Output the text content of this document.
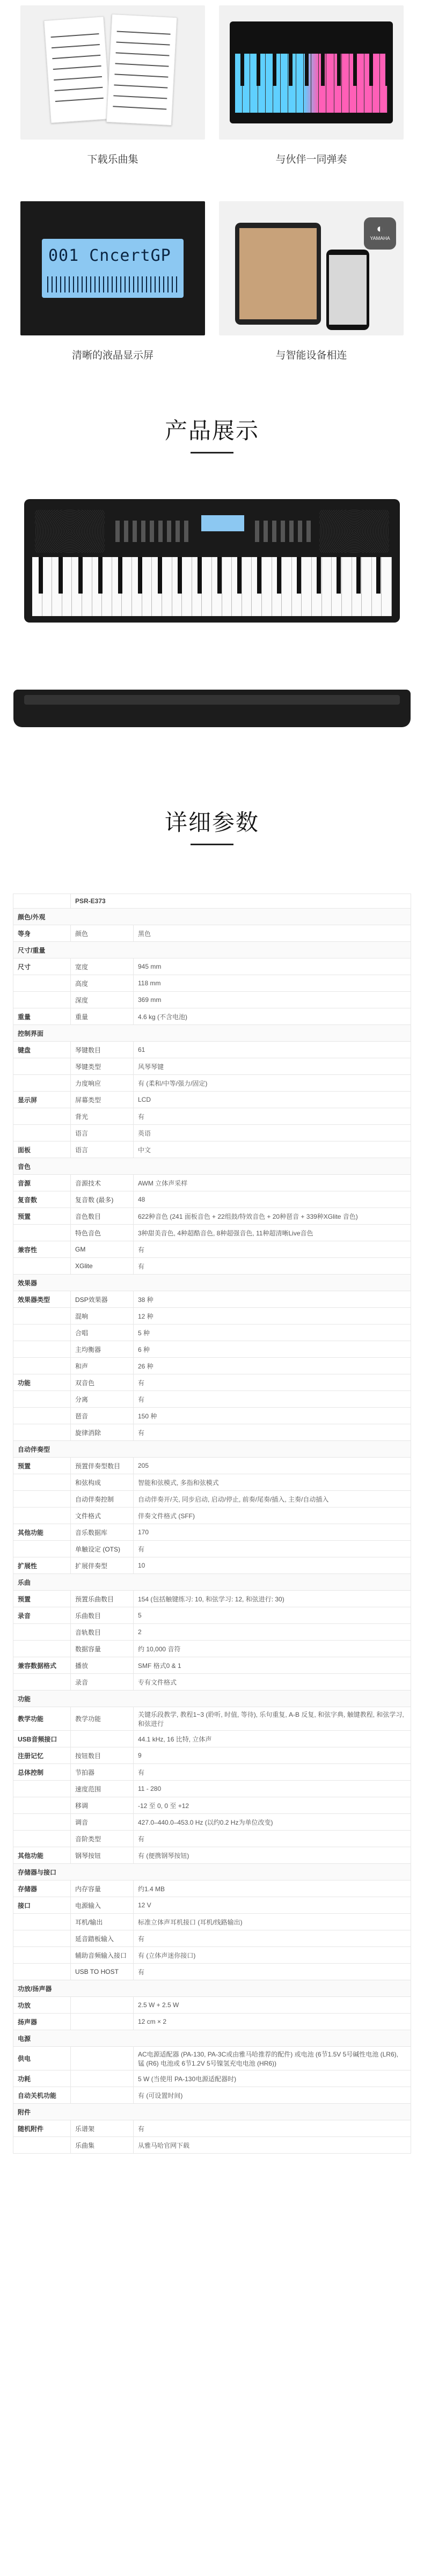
下载乐曲集	与伙伴一同弹奏
001 CncertGP
清晰的液晶显示屏
◐
YAMAHA
与智能设备相连
产品展示
详细参数
	PSR-E373	
颜色/外观		
等身	颜色	黑色
尺寸/重量		
尺寸	宽度	945 mm
	高度	118 mm
	深度	369 mm
重量	重量	4.6 kg (不含电池)
控制界面		
键盘	琴键数目	61
	琴键类型	风琴琴键
	力度响应	有 (柔和/中等/强力/固定)
显示屏	屏幕类型	LCD
	背光	有
	语言	英语
面板	语言	中文
音色		
音源	音源技术	AWM 立体声采样
复音数	复音数 (最多)	48
预置	音色数目	622种音色 (241 面板音色 + 22组鼓/特效音色 + 20种琶音 + 339种XGlite 音色)
	特色音色	3种甜美音色, 4种超酷音色, 8种超强音色, 11种超清晰Live音色
兼容性	GM	有
	XGlite	有
效果器		
效果器类型	DSP效果器	38 种
	混响	12 种
	合唱	5 种
	主均衡器	6 种
	和声	26 种
功能	双音色	有
	分离	有
	琶音	150 种
	旋律消除	有
自动伴奏型		
预置	预置伴奏型数目	205
	和弦构成	智能和弦模式, 多指和弦模式
	自动伴奏控制	自动伴奏开/关, 同步启动, 启动/停止, 前奏/尾奏/插入, 主奏/自动插入
	文件格式	伴奏文件格式 (SFF)
其他功能	音乐数据库	170
	单触设定 (OTS)	有
扩展性	扩展伴奏型	10
乐曲		
预置	预置乐曲数目	154 (包括触键练习: 10, 和弦学习: 12, 和弦进行: 30)
录音	乐曲数目	5
	音轨数目	2
	数据容量	约 10,000 音符
兼容数据格式	播放	SMF 格式0 & 1
	录音	专有文件格式
功能		
教学功能	教学功能	关键乐段教学, 教程1~3 (聆听, 时值, 等待), 乐句重复, A-B 反复, 和弦字典, 触键教程, 和弦学习, 和弦进行
USB音频接口		44.1 kHz, 16 比特, 立体声
注册记忆	按钮数目	9
总体控制	节拍器	有
	速度范围	11 - 280
	移调	-12 至 0, 0 至 +12
	调音	427.0–440.0–453.0 Hz (以约0.2 Hz为单位改变)
	音阶类型	有
其他功能	钢琴按钮	有 (便携钢琴按钮)
存储器与接口		
存储器	内存容量	约1.4 MB
接口	电源输入	12 V
	耳机/输出	标准立体声耳机接口 (耳机/线路输出)
	延音踏板输入	有
	辅助音频输入接口	有 (立体声迷你接口)
	USB TO HOST	有
功放/扬声器		
功放		2.5 W + 2.5 W
扬声器		12 cm × 2
电源		
供电		AC电源适配器 (PA-130, PA-3C或由雅马哈推荐的配件) 或电池 (6节1.5V 5号碱性电池 (LR6), 锰 (R6) 电池或 6节1.2V 5号镍氢充电电池 (HR6))
功耗		5 W (当使用 PA-130电源适配器时)
自动关机功能		有 (可设置时间)
附件		
随机附件	乐谱架	有
	乐曲集	从雅马哈官网下载
